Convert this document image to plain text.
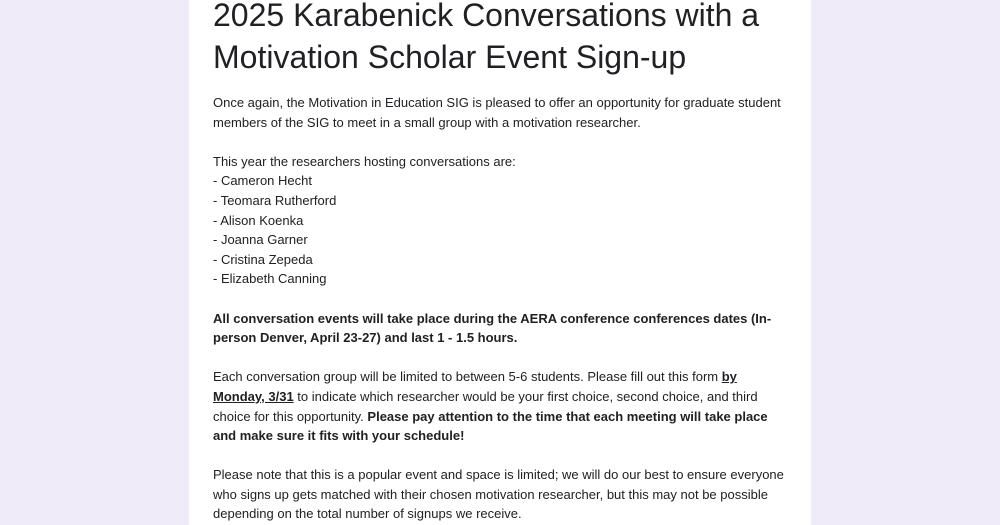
2025 Karabenick Conversations with a Motivation Scholar Event Sign-up

Once again, the Motivation in Education SIG is pleased to offer an opportunity for graduate student members of the SIG to meet in a small group with a motivation researcher.

This year the researchers hosting conversations are:

- Cameron Hecht

- Teomara Rutherford

- Alison Koenka

- Joanna Garner

- Cristina Zepeda

- Elizabeth Canning

All conversation events will take place during the AERA conference conferences dates (In-person Denver, April 23-27) and last 1 - 1.5 hours.

Each conversation group will be limited to between 5-6 students. Please fill out this form by Monday, 3/31 to indicate which researcher would be your first choice, second choice, and third choice for this opportunity. Please pay attention to the time that each meeting will take place and make sure it fits with your schedule!

Please note that this is a popular event and space is limited; we will do our best to ensure everyone who signs up gets matched with their chosen motivation researcher, but this may not be possible depending on the total number of signups we receive.
